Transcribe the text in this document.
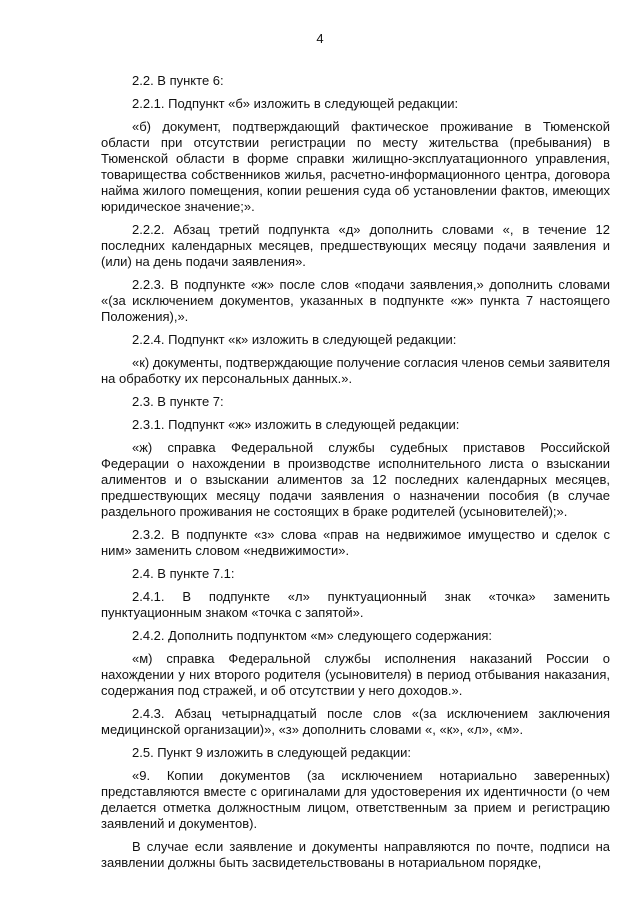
4

2.2. В пункте 6:

2.2.1. Подпункт «б» изложить в следующей редакции:

«б) документ, подтверждающий фактическое проживание в Тюменской области при отсутствии регистрации по месту жительства (пребывания) в Тюменской области в форме справки жилищно-эксплуатационного управления, товарищества собственников жилья, расчетно-информационного центра, договора найма жилого помещения, копии решения суда об установлении фактов, имеющих юридическое значение;».

2.2.2. Абзац третий подпункта «д» дополнить словами «, в течение 12 последних календарных месяцев, предшествующих месяцу подачи заявления и (или) на день подачи заявления».

2.2.3. В подпункте «ж» после слов «подачи заявления,» дополнить словами «(за исключением документов, указанных в подпункте «ж» пункта 7 настоящего Положения),».

2.2.4. Подпункт «к» изложить в следующей редакции:

«к) документы, подтверждающие получение согласия членов семьи заявителя на обработку их персональных данных.».

2.3. В пункте 7:

2.3.1. Подпункт «ж» изложить в следующей редакции:

«ж) справка Федеральной службы судебных приставов Российской Федерации о нахождении в производстве исполнительного листа о взыскании алиментов и о взыскании алиментов за 12 последних календарных месяцев, предшествующих месяцу подачи заявления о назначении пособия (в случае раздельного проживания не состоящих в браке родителей (усыновителей);».

2.3.2. В подпункте «з» слова «прав на недвижимое имущество и сделок с ним» заменить словом «недвижимости».

2.4. В пункте 7.1:

2.4.1. В подпункте «л» пунктуационный знак «точка» заменить пунктуационным знаком «точка с запятой».

2.4.2. Дополнить подпунктом «м» следующего содержания:

«м) справка Федеральной службы исполнения наказаний России о нахождении у них второго родителя (усыновителя) в период отбывания наказания, содержания под стражей, и об отсутствии у него доходов.».

2.4.3. Абзац четырнадцатый после слов «(за исключением заключения медицинской организации)», «з» дополнить словами «, «к», «л», «м».

2.5. Пункт 9 изложить в следующей редакции:

«9. Копии документов (за исключением нотариально заверенных) представляются вместе с оригиналами для удостоверения их идентичности (о чем делается отметка должностным лицом, ответственным за прием и регистрацию заявлений и документов).

В случае если заявление и документы направляются по почте, подписи на заявлении должны быть засвидетельствованы в нотариальном порядке,
